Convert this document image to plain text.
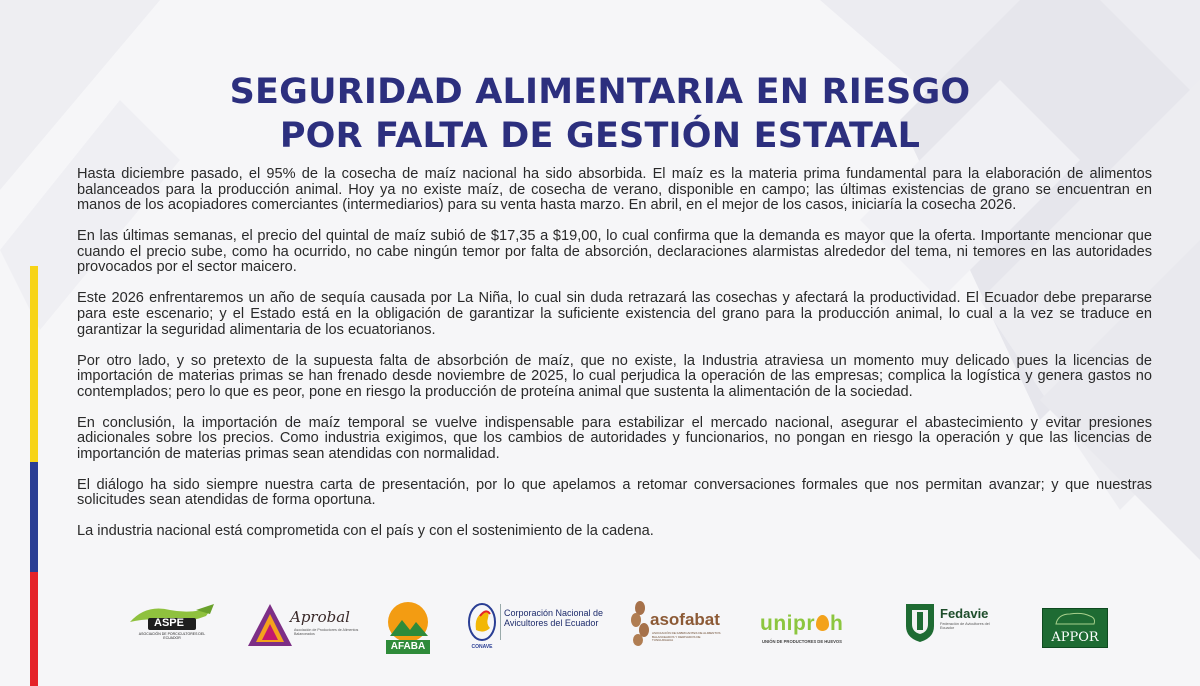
SEGURIDAD ALIMENTARIA EN RIESGO
POR FALTA DE GESTIÓN ESTATAL

Hasta diciembre pasado, el 95% de la cosecha de maíz nacional ha sido absorbida. El maíz es la materia prima fundamental para la elaboración de alimentos balanceados para la producción animal. Hoy ya no existe maíz, de cosecha de verano, disponible en campo; las últimas existencias de grano se encuentran en manos de los acopiadores comerciantes (intermediarios) para su venta hasta marzo. En abril, en el mejor de los casos, iniciaría la cosecha 2026.

En las últimas semanas, el precio del quintal de maíz subió de $17,35 a $19,00, lo cual confirma que la demanda es mayor que la oferta. Importante mencionar que cuando el precio sube, como ha ocurrido, no cabe ningún temor por falta de absorción, declaraciones alarmistas alrededor del tema, ni temores en las autoridades provocados por el sector maicero.

Este 2026 enfrentaremos un año de sequía causada por La Niña, lo cual sin duda retrazará las cosechas y afectará la productividad. El Ecuador debe prepararse para este escenario; y el Estado está en la obligación de garantizar la suficiente existencia del grano para la producción animal, lo cual a la vez se traduce en garantizar la seguridad alimentaria de los ecuatorianos.

Por otro lado, y so pretexto de la supuesta falta de absorbción de maíz, que no existe, la Industria atraviesa un momento muy delicado pues la licencias de importación de materias primas se han frenado desde noviembre de 2025, lo cual perjudica la operación de las empresas; complica la logística y genera gastos no contemplados; pero lo que es peor, pone en riesgo la producción de proteína animal que sustenta la alimentación de la sociedad.

En conclusión, la importación de maíz temporal se vuelve indispensable para estabilizar el mercado nacional, asegurar el abastecimiento y evitar presiones adicionales sobre los precios. Como industria exigimos, que los cambios de autoridades y funcionarios, no pongan en riesgo la operación y que las licencias de importanción de materias primas sean atendidas con normalidad.

El diálogo ha sido siempre nuestra carta de presentación, por lo que apelamos a retomar conversaciones formales que nos permitan avanzar; y que nuestras solicitudes sean atendidas de forma oportuna.

La industria nacional está comprometida con el país y con el sostenimiento de la cadena.

ASPE
ASOCIACIÓN DE PORCICULTORES DEL ECUADOR
Aprobal
Asociación de Productores de Alimentos Balanceados
AFABA
Corporación Nacional de Avicultores del Ecuador
CONAVE
asofabat
ASOCIACIÓN DE FABRICANTES DE ALIMENTOS BALANCEADOS Y DERIVADOS DE TUNGURAHUA
unipr h
UNIÓN DE PRODUCTORES DE HUEVOS
Fedavie
Federación de Avicultores del Ecuador
APPOR
